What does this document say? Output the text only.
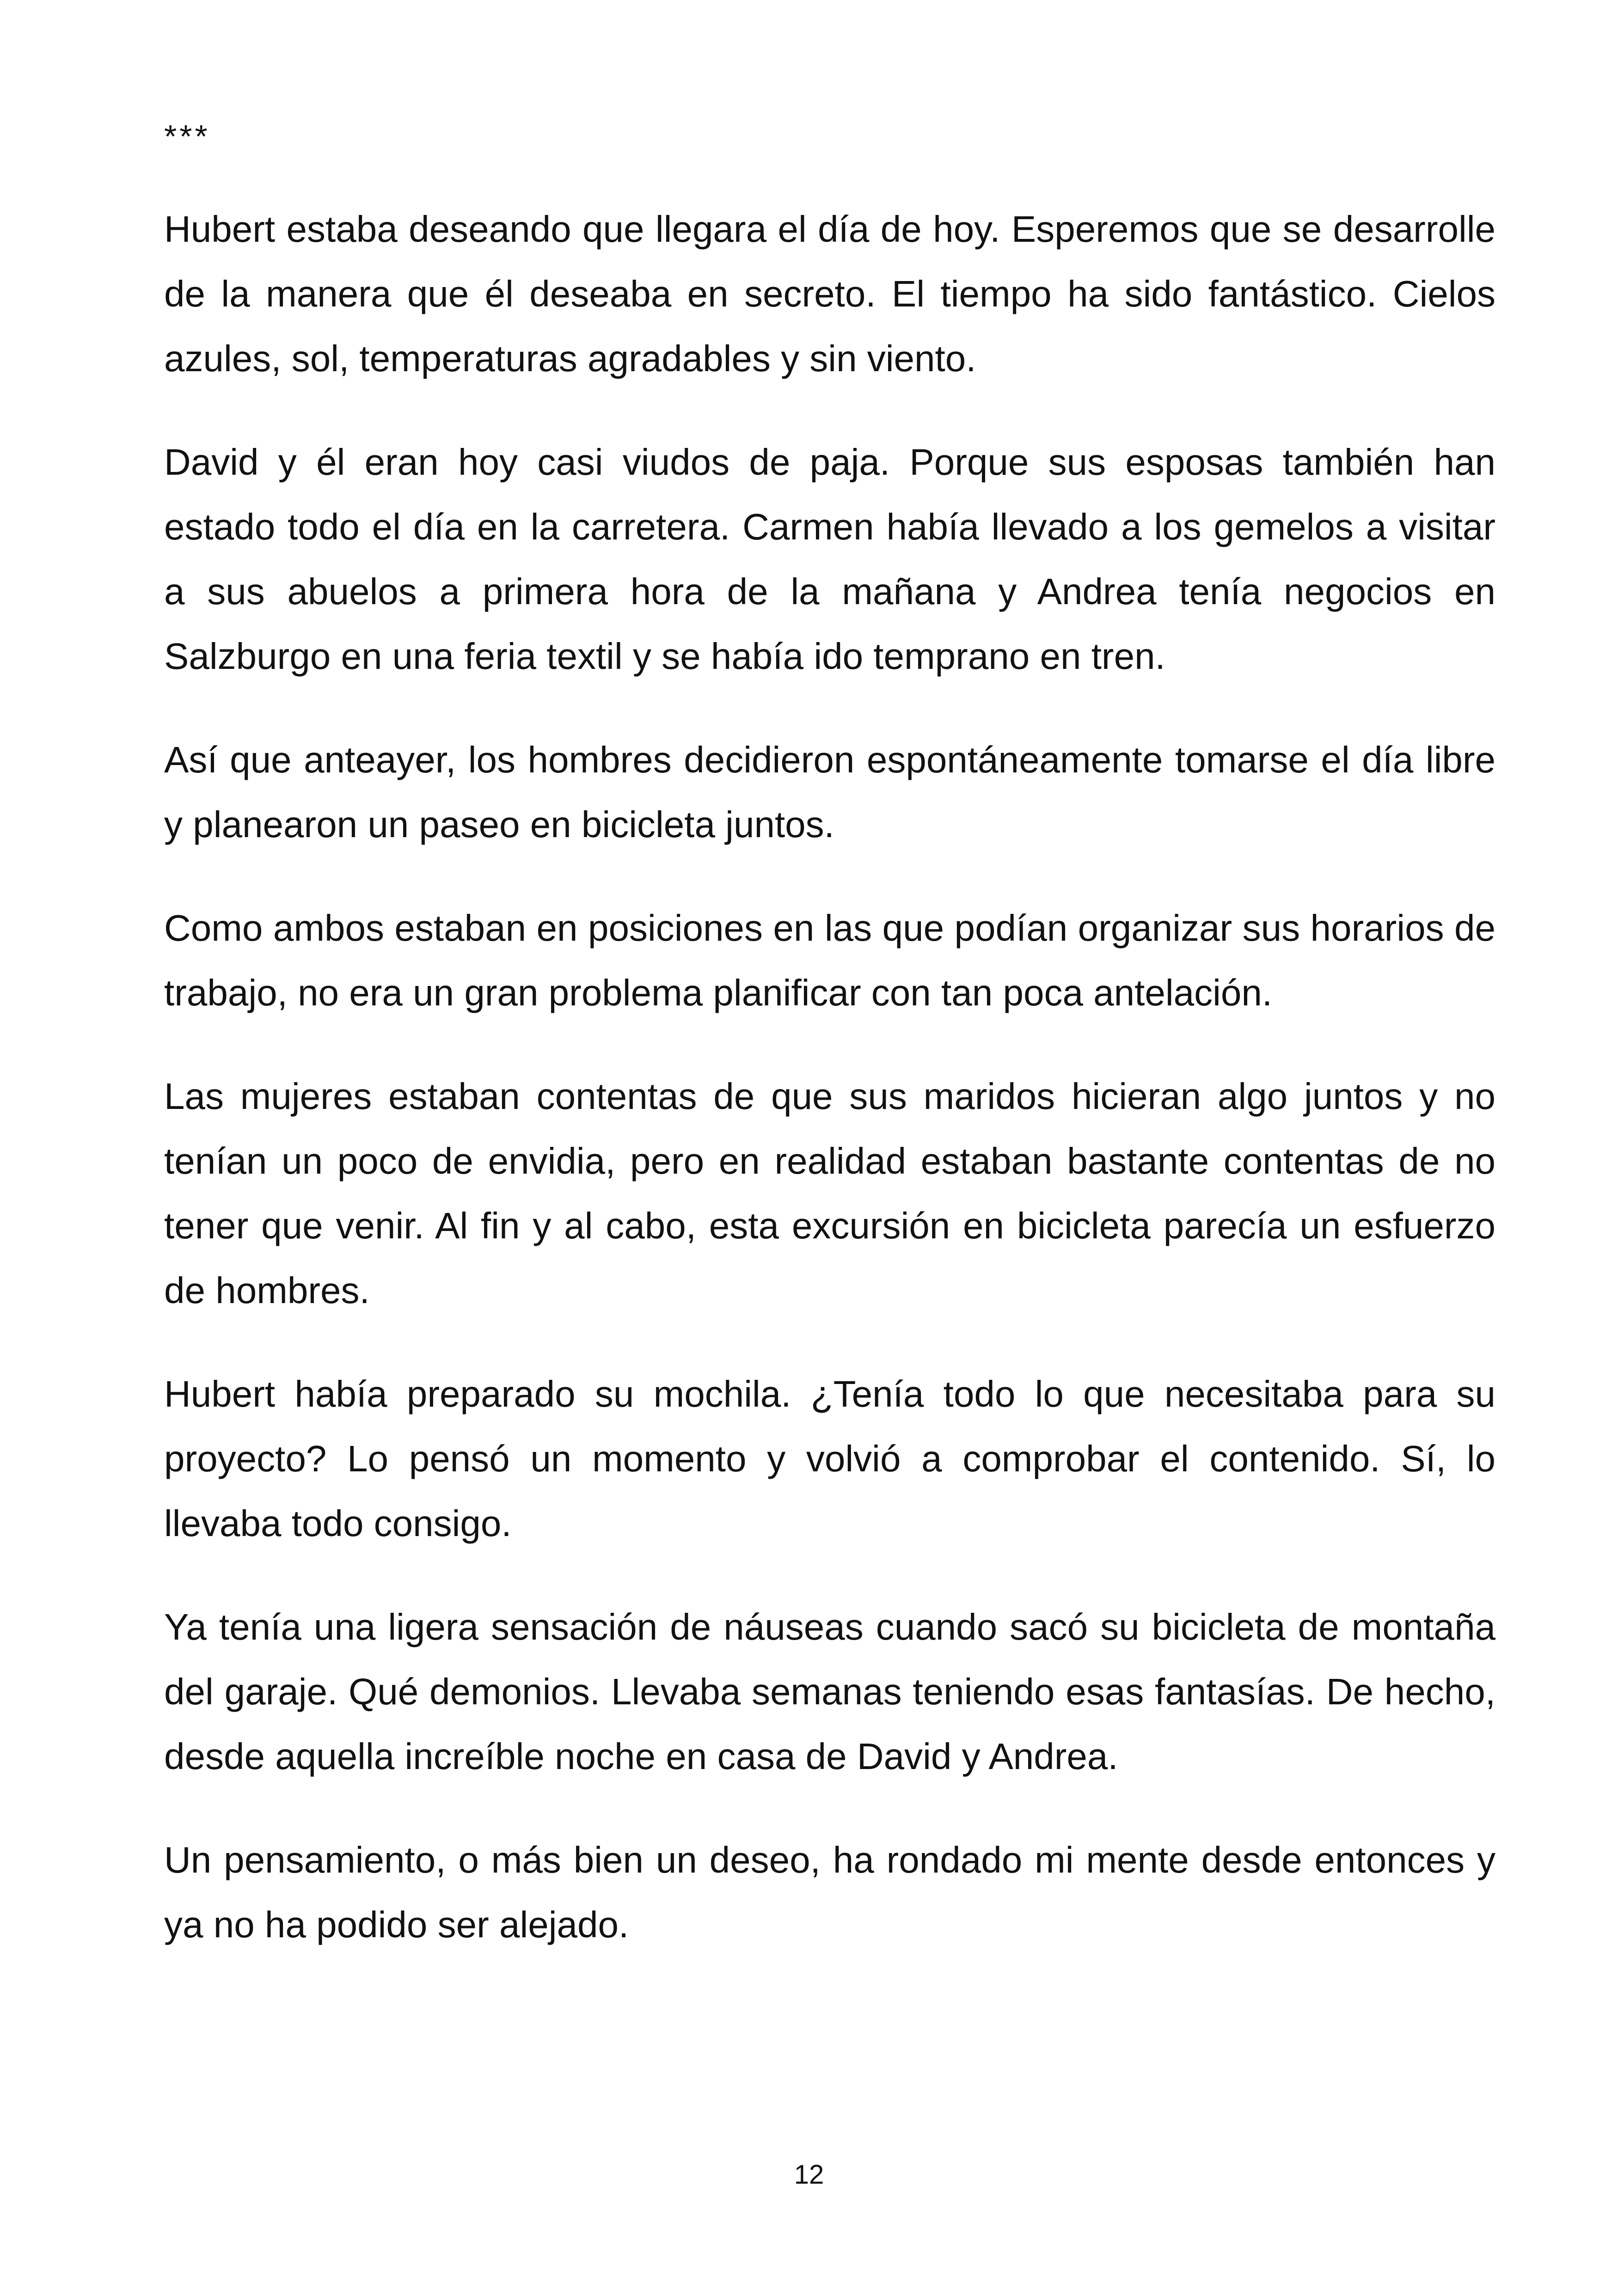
***

Hubert estaba deseando que llegara el día de hoy. Esperemos que se desarrolle de la manera que él deseaba en secreto. El tiempo ha sido fantástico. Cielos azules, sol, temperaturas agradables y sin viento.

David y él eran hoy casi viudos de paja. Porque sus esposas también han estado todo el día en la carretera. Carmen había llevado a los gemelos a visitar a sus abuelos a primera hora de la mañana y Andrea tenía negocios en Salzburgo en una feria textil y se había ido temprano en tren.

Así que anteayer, los hombres decidieron espontáneamente tomarse el día libre y planearon un paseo en bicicleta juntos.

Como ambos estaban en posiciones en las que podían organizar sus horarios de trabajo, no era un gran problema planificar con tan poca antelación.

Las mujeres estaban contentas de que sus maridos hicieran algo juntos y no tenían un poco de envidia, pero en realidad estaban bastante contentas de no tener que venir. Al fin y al cabo, esta excursión en bicicleta parecía un esfuerzo de hombres.

Hubert había preparado su mochila. ¿Tenía todo lo que necesitaba para su proyecto? Lo pensó un momento y volvió a comprobar el contenido. Sí, lo llevaba todo consigo.

Ya tenía una ligera sensación de náuseas cuando sacó su bicicleta de montaña del garaje. Qué demonios. Llevaba semanas teniendo esas fantasías. De hecho, desde aquella increíble noche en casa de David y Andrea.

Un pensamiento, o más bien un deseo, ha rondado mi mente desde entonces y ya no ha podido ser alejado.

12
